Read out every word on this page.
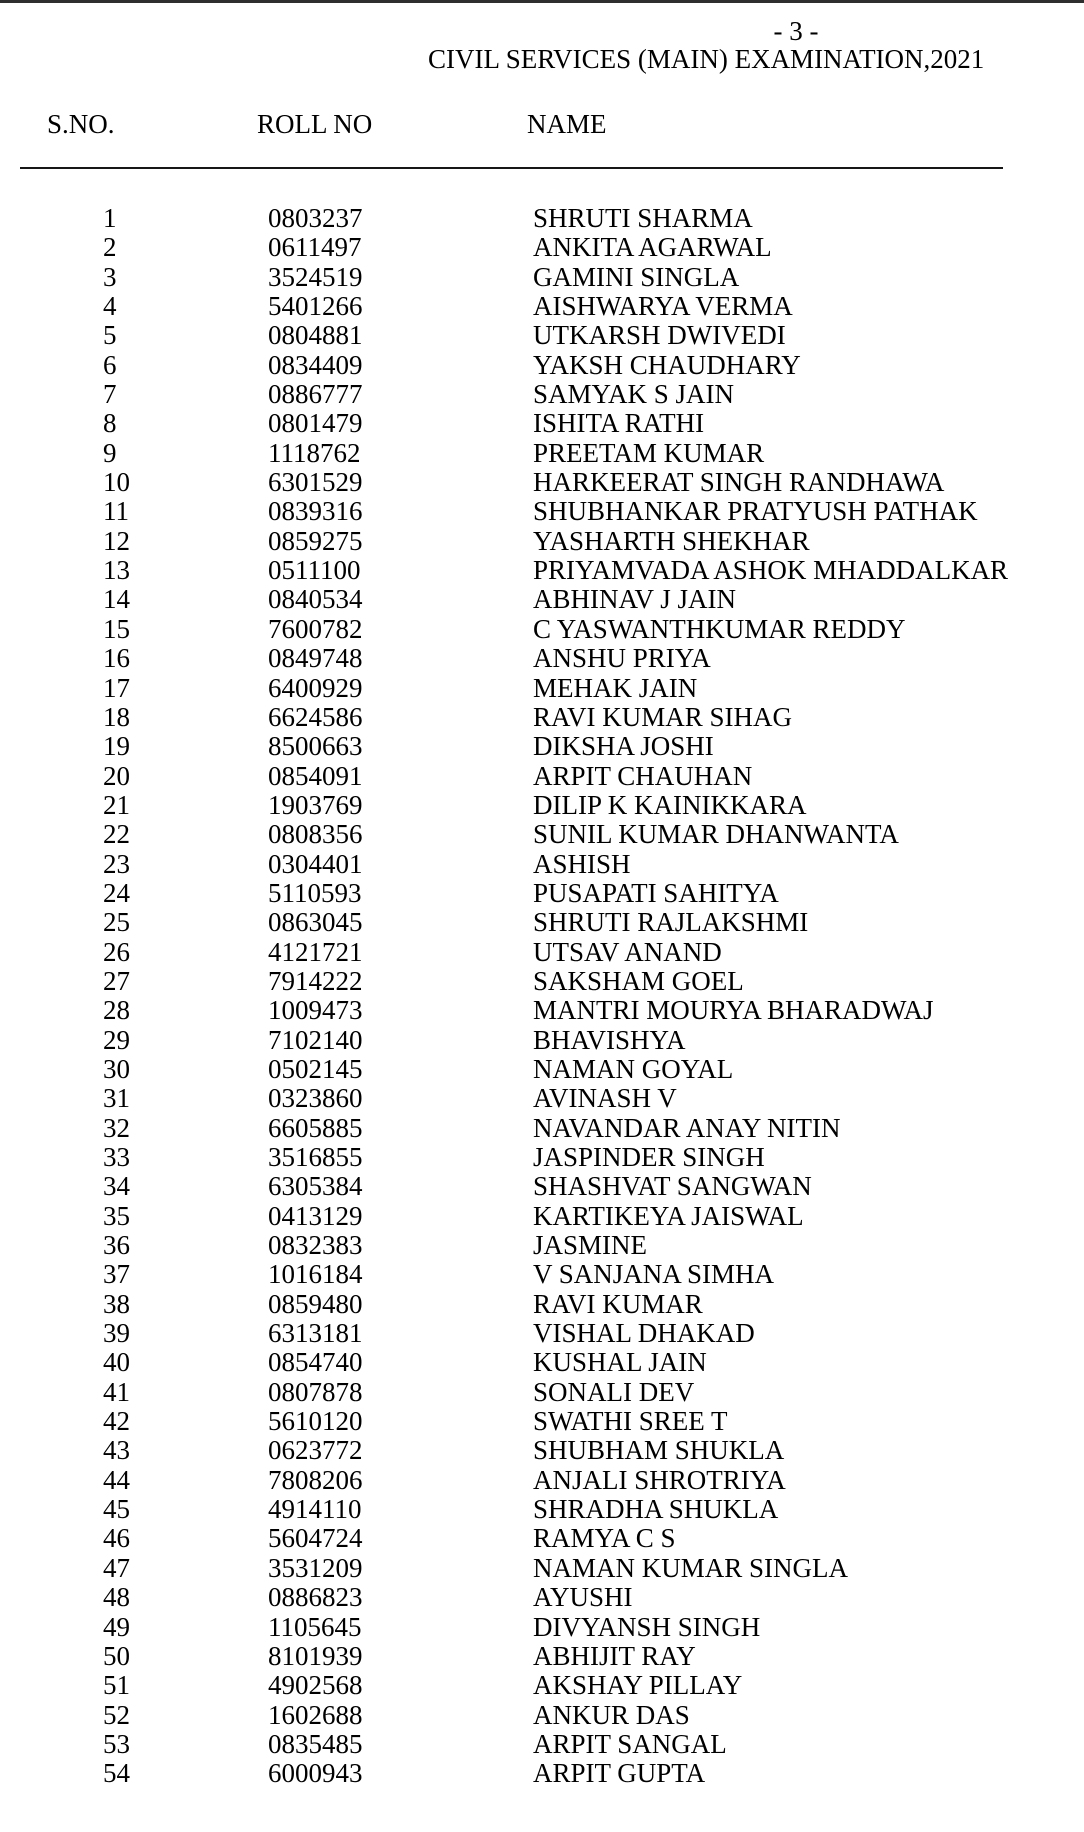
- 3 -
CIVIL SERVICES (MAIN) EXAMINATION,2021
S.NO.	ROLL NO	NAME
1	0803237	SHRUTI SHARMA
2	0611497	ANKITA AGARWAL
3	3524519	GAMINI SINGLA
4	5401266	AISHWARYA VERMA
5	0804881	UTKARSH DWIVEDI
6	0834409	YAKSH CHAUDHARY
7	0886777	SAMYAK S JAIN
8	0801479	ISHITA RATHI
9	1118762	PREETAM KUMAR
10	6301529	HARKEERAT SINGH RANDHAWA
11	0839316	SHUBHANKAR PRATYUSH PATHAK
12	0859275	YASHARTH SHEKHAR
13	0511100	PRIYAMVADA ASHOK MHADDALKAR
14	0840534	ABHINAV J JAIN
15	7600782	C YASWANTHKUMAR REDDY
16	0849748	ANSHU PRIYA
17	6400929	MEHAK JAIN
18	6624586	RAVI KUMAR SIHAG
19	8500663	DIKSHA JOSHI
20	0854091	ARPIT CHAUHAN
21	1903769	DILIP K KAINIKKARA
22	0808356	SUNIL KUMAR DHANWANTA
23	0304401	ASHISH
24	5110593	PUSAPATI SAHITYA
25	0863045	SHRUTI RAJLAKSHMI
26	4121721	UTSAV ANAND
27	7914222	SAKSHAM GOEL
28	1009473	MANTRI MOURYA BHARADWAJ
29	7102140	BHAVISHYA
30	0502145	NAMAN GOYAL
31	0323860	AVINASH V
32	6605885	NAVANDAR ANAY NITIN
33	3516855	JASPINDER SINGH
34	6305384	SHASHVAT SANGWAN
35	0413129	KARTIKEYA JAISWAL
36	0832383	JASMINE
37	1016184	V SANJANA SIMHA
38	0859480	RAVI KUMAR
39	6313181	VISHAL DHAKAD
40	0854740	KUSHAL JAIN
41	0807878	SONALI DEV
42	5610120	SWATHI SREE T
43	0623772	SHUBHAM SHUKLA
44	7808206	ANJALI SHROTRIYA
45	4914110	SHRADHA SHUKLA
46	5604724	RAMYA C S
47	3531209	NAMAN KUMAR SINGLA
48	0886823	AYUSHI
49	1105645	DIVYANSH SINGH
50	8101939	ABHIJIT RAY
51	4902568	AKSHAY PILLAY
52	1602688	ANKUR DAS
53	0835485	ARPIT SANGAL
54	6000943	ARPIT GUPTA
